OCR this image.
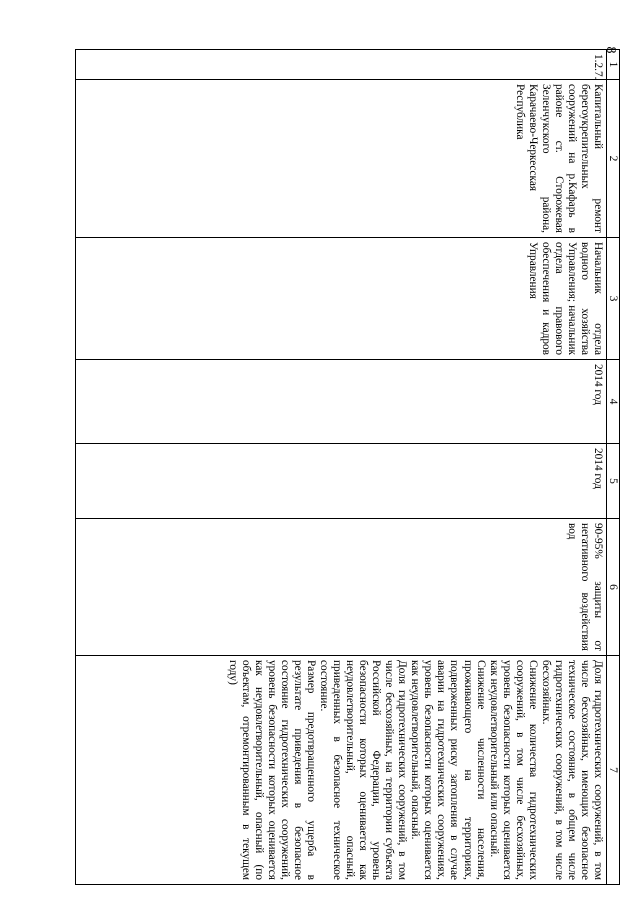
8
1	2	3	4	5	6	7
1.2.7.	Капитальный ремонт берегоукрепительных сооружений на р.Кафарь в районе ст. Сторожевая Зеленчукского района, Карачаево-Черкесская Республика	Начальник отдела водного хозяйства Управления; начальник отдела правового обеспечения и кадров Управления	2014 год	2014 год	90-95% защиты от негативного воздействия вод	Доля гидротехнических сооружений, в том числе бесхозяйных, имеющих безопасное техническое состояние, в общем числе гидротехнических сооружений, в том числе бесхозяйных.
Снижение количества гидротехнических сооружений, в том числе бесхозяйных, уровень безопасности которых оценивается как неудовлетворительный или опасный.
Снижение численности населения, проживающего на территориях, подверженных риску затопления в случае аварии на гидротехнических сооружениях, уровень безопасности которых оценивается как неудовлетворительный, опасный.
Доля гидротехнических сооружений, в том числе бесхозяйных, на территории субъекта Российской Федерации, уровень безопасности которых оценивается как неудовлетворительный, опасный, приведенных в безопасное техническое состояние.
Размер предотвращенного ущерба в результате приведения в безопасное состояние гидротехнических сооружений, уровень безопасности которых оценивается как неудовлетворительный, опасный (по объектам, отремонтированным в текущем году)
